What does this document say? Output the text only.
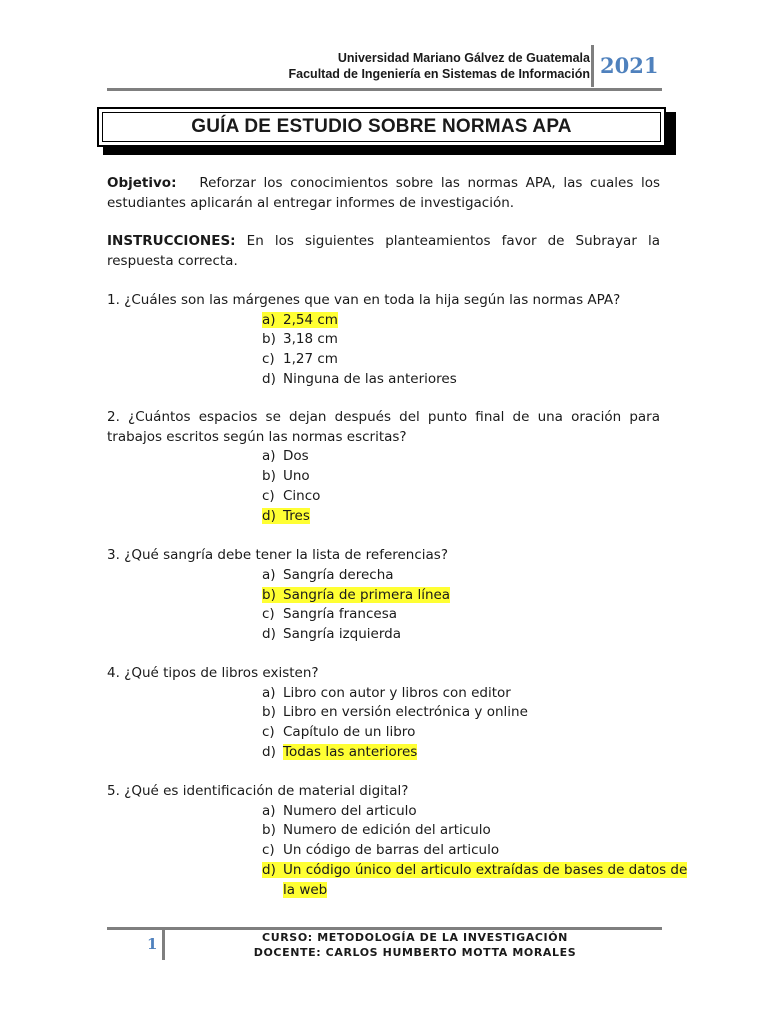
Universidad Mariano Gálvez de Guatemala
Facultad de Ingeniería en Sistemas de Información 2021
GUÍA DE ESTUDIO SOBRE NORMAS APA
Objetivo: Reforzar los conocimientos sobre las normas APA, las cuales los estudiantes aplicarán al entregar informes de investigación.
INSTRUCCIONES: En los siguientes planteamientos favor de Subrayar la respuesta correcta.
1. ¿Cuáles son las márgenes que van en toda la hija según las normas APA?
a) 2,54 cm
b) 3,18 cm
c) 1,27 cm
d) Ninguna de las anteriores
2. ¿Cuántos espacios se dejan después del punto final de una oración para trabajos escritos según las normas escritas?
a) Dos
b) Uno
c) Cinco
d) Tres
3. ¿Qué sangría debe tener la lista de referencias?
a) Sangría derecha
b) Sangría de primera línea
c) Sangría francesa
d) Sangría izquierda
4. ¿Qué tipos de libros existen?
a) Libro con autor y libros con editor
b) Libro en versión electrónica y online
c) Capítulo de un libro
d) Todas las anteriores
5. ¿Qué es identificación de material digital?
a) Numero del articulo
b) Numero de edición del articulo
c) Un código de barras del articulo
d) Un código único del articulo extraídas de bases de datos de
la web
1	CURSO: METODOLOGÍA DE LA INVESTIGACIÓN
DOCENTE: CARLOS HUMBERTO MOTTA MORALES
